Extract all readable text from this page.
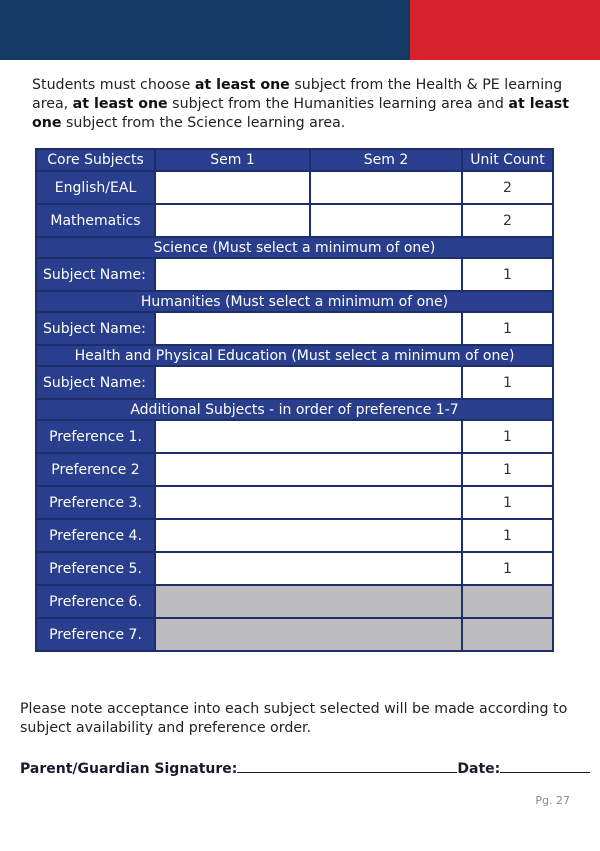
Students must choose at least one subject from the Health & PE learning area, at least one subject from the Humanities learning area and at least one subject from the Science learning area.
Core Subjects	Sem 1	Sem 2	Unit Count
English/EAL			2
Mathematics			2
Science (Must select a minimum of one)			
Subject Name:			1
Humanities (Must select a minimum of one)			
Subject Name:			1
Health and Physical Education (Must select a minimum of one)			
Subject Name:			1
Additional Subjects - in order of preference 1-7			
Preference 1.			1
Preference 2			1
Preference 3.			1
Preference 4.			1
Preference 5.			1
Preference 6.			
Preference 7.			
Please note acceptance into each subject selected will be made according to subject availability and preference order.
Parent/Guardian Signature:	Date:
Pg. 27
